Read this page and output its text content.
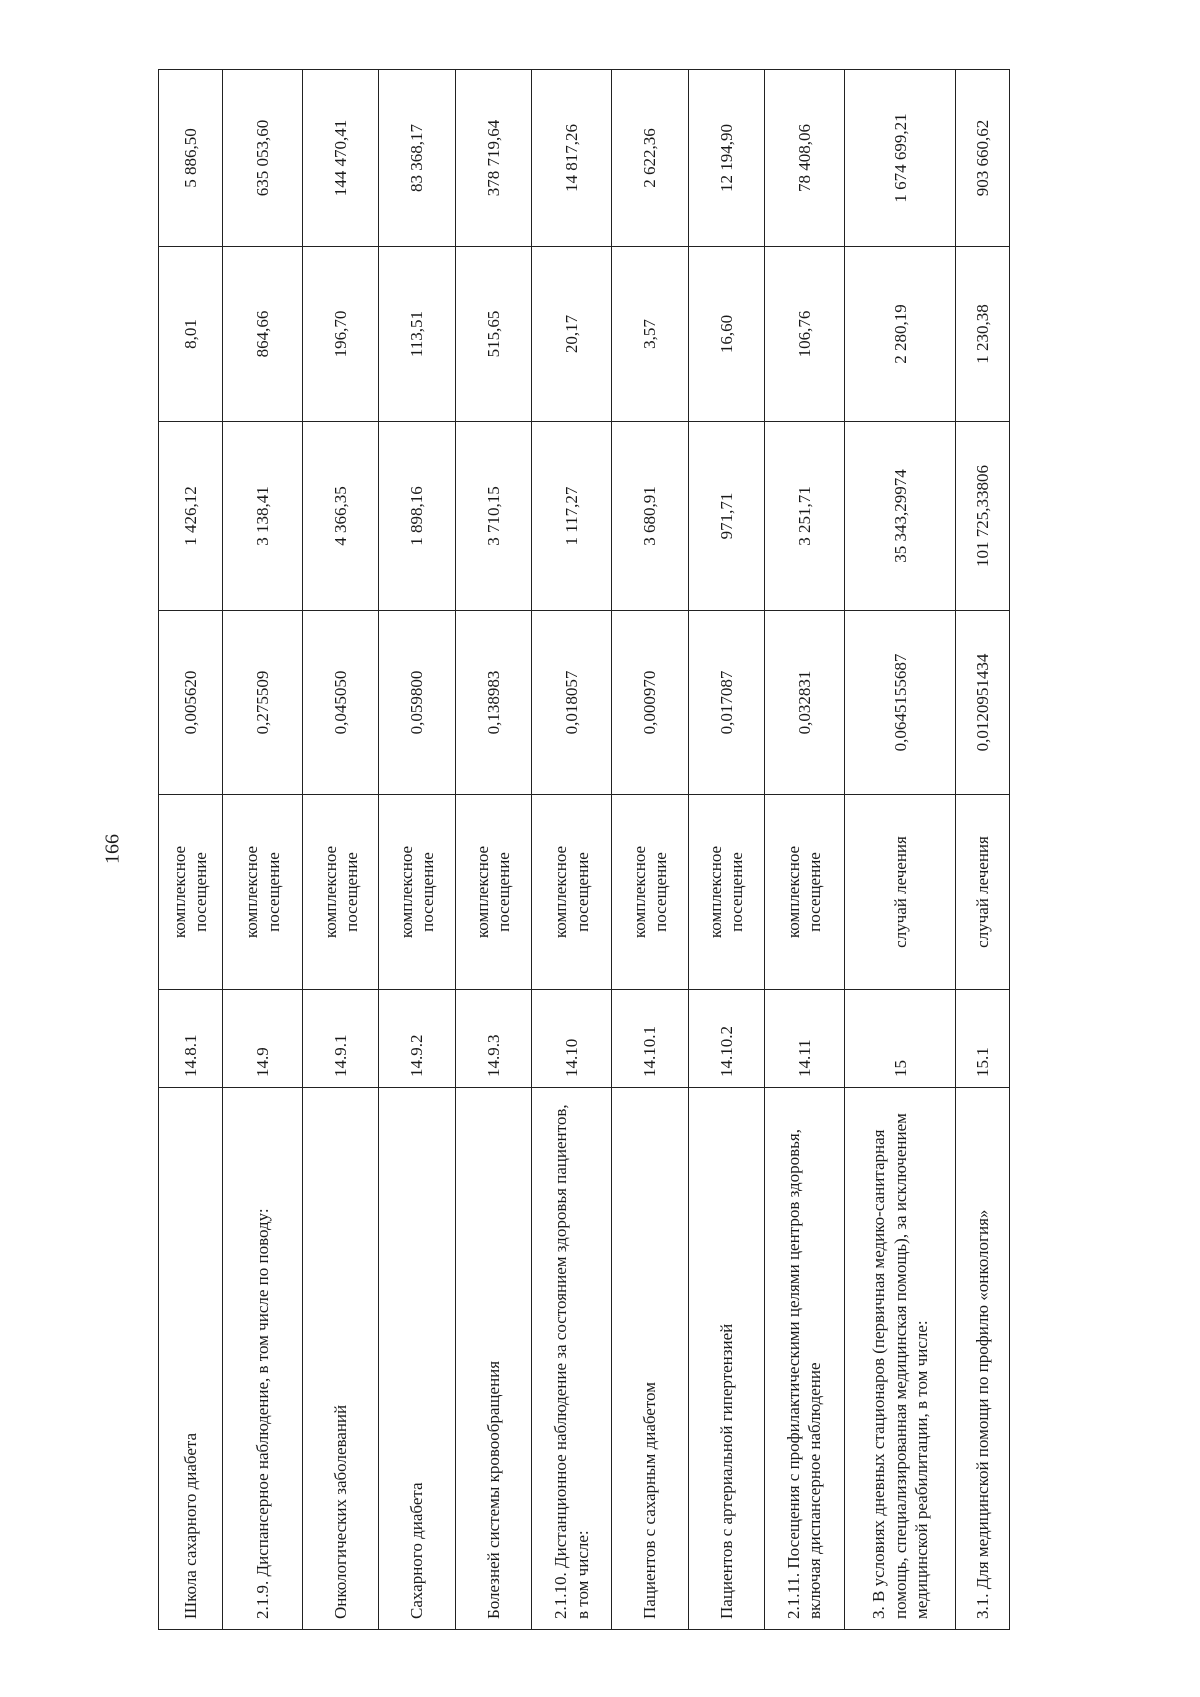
166
Школа сахарного диабета	14.8.1	комплексное посещение	0,005620	1 426,12	8,01	5 886,50
2.1.9. Диспансерное наблюдение, в том числе по поводу:	14.9	комплексное посещение	0,275509	3 138,41	864,66	635 053,60
Онкологических заболеваний	14.9.1	комплексное посещение	0,045050	4 366,35	196,70	144 470,41
Сахарного диабета	14.9.2	комплексное посещение	0,059800	1 898,16	113,51	83 368,17
Болезней системы кровообращения	14.9.3	комплексное посещение	0,138983	3 710,15	515,65	378 719,64
2.1.10. Дистанционное наблюдение за состоянием здоровья пациентов, в том числе:	14.10	комплексное посещение	0,018057	1 117,27	20,17	14 817,26
Пациентов с сахарным диабетом	14.10.1	комплексное посещение	0,000970	3 680,91	3,57	2 622,36
Пациентов с артериальной гипертензией	14.10.2	комплексное посещение	0,017087	971,71	16,60	12 194,90
2.1.11. Посещения с профилактическими целями центров здоровья, включая диспансерное наблюдение	14.11	комплексное посещение	0,032831	3 251,71	106,76	78 408,06
3. В условиях дневных стационаров (первичная медико-санитарная помощь, специализированная медицинская помощь), за исключением медицинской реабилитации, в том числе:	15	случай лечения	0,0645155687	35 343,29974	2 280,19	1 674 699,21
3.1. Для медицинской помощи по профилю «онкология»	15.1	случай лечения	0,0120951434	101 725,33806	1 230,38	903 660,62
